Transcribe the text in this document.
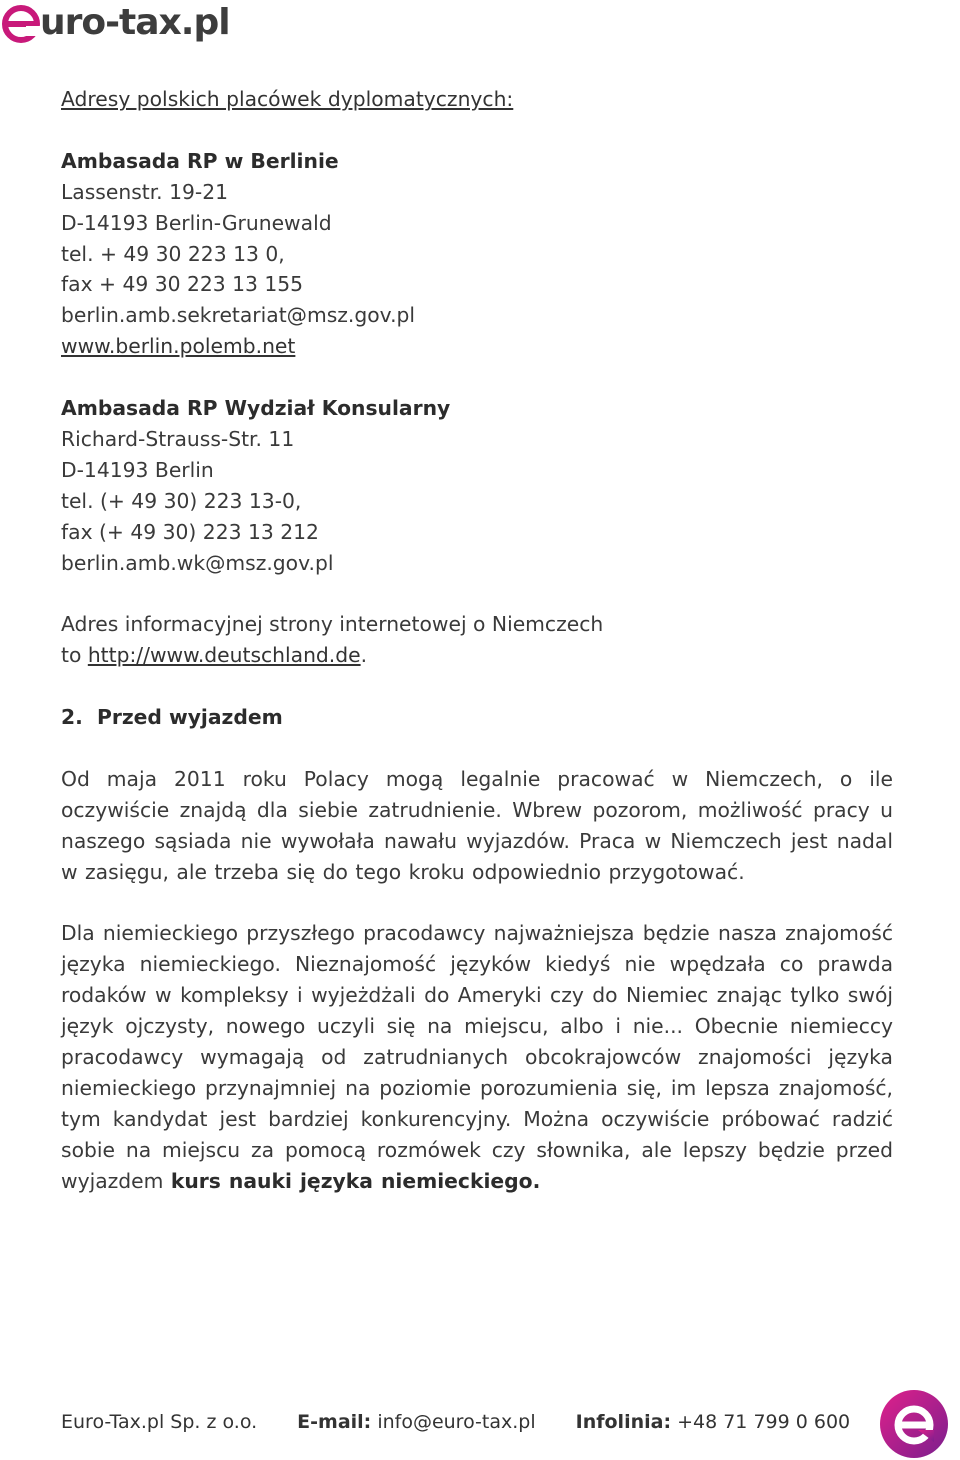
uro-tax.pl

Adresy polskich placówek dyplomatycznych:

Ambasada RP w Berlinie

Lassenstr. 19-21

D-14193 Berlin-Grunewald

tel. + 49 30 223 13 0,

fax + 49 30 223 13 155

berlin.amb.sekretariat@msz.gov.pl

www.berlin.polemb.net

Ambasada RP Wydział Konsularny

Richard-Strauss-Str. 11

D-14193 Berlin

tel. (+ 49 30) 223 13-0,

fax (+ 49 30) 223 13 212

berlin.amb.wk@msz.gov.pl

Adres informacyjnej strony internetowej o Niemczech

to http://www.deutschland.de.

2. Przed wyjazdem

Od maja 2011 roku Polacy mogą legalnie pracować w Niemczech, o ile oczywiście znajdą dla siebie zatrudnienie. Wbrew pozorom, możliwość pracy u naszego sąsiada nie wywołała nawału wyjazdów. Praca w Niemczech jest nadal w zasięgu, ale trzeba się do tego kroku odpowiednio przygotować.

Dla niemieckiego przyszłego pracodawcy najważniejsza będzie nasza znajomość języka niemieckiego. Nieznajomość języków kiedyś nie wpędzała co prawda rodaków w kompleksy i wyjeżdżali do Ameryki czy do Niemiec znając tylko swój język ojczysty, nowego uczyli się na miejscu, albo i nie... Obecnie niemieccy pracodawcy wymagają od zatrudnianych obcokrajowców znajomości języka niemieckiego przynajmniej na poziomie porozumienia się, im lepsza znajomość, tym kandydat jest bardziej konkurencyjny. Można oczywiście próbować radzić sobie na miejscu za pomocą rozmówek czy słownika, ale lepszy będzie przed wyjazdem kurs nauki języka niemieckiego.

Euro-Tax.pl Sp. z o.o. E-mail: info@euro-tax.pl Infolinia: +48 71 799 0 600
